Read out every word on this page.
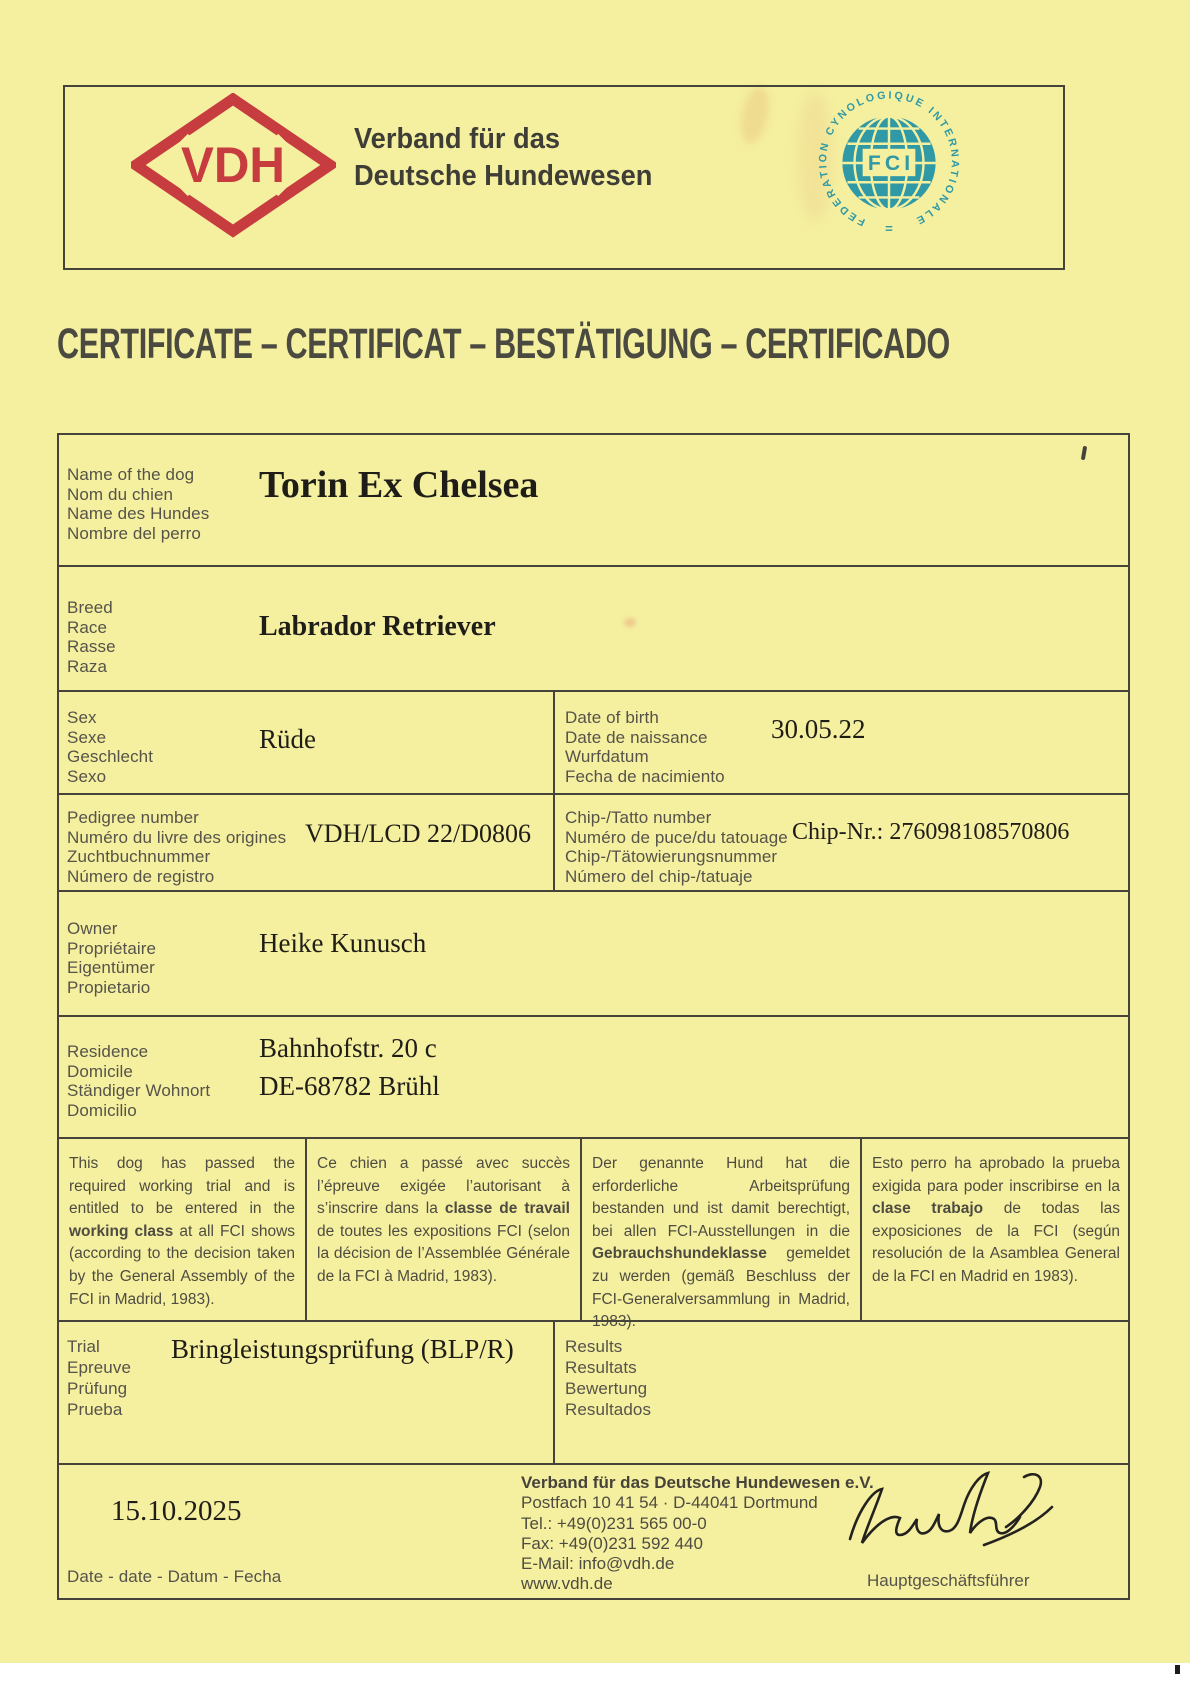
VDH Verband für das
Deutsche Hundewesen
FEDERATION CYNOLOGIQUE INTERNATIONALE
FCI
=
CERTIFICATE – CERTIFICAT – BESTÄTIGUNG – CERTIFICADO
Name of the dog
Nom du chien
Name des Hundes
Nombre del perro
Torin Ex Chelsea
Breed
Race
Rasse
Raza
Labrador Retriever
Sex
Sexe
Geschlecht
Sexo
Rüde
Date of birth
Date de naissance
Wurfdatum
Fecha de nacimiento
30.05.22
Pedigree number
Numéro du livre des origines
Zuchtbuchnummer
Número de registro
VDH/LCD 22/D0806
Chip-/Tatto number
Numéro de puce/du tatouage
Chip-/Tätowierungsnummer
Número del chip-/tatuaje
Chip-Nr.: 276098108570806
Owner
Propriétaire
Eigentümer
Propietario
Heike Kunusch
Residence
Domicile
Ständiger Wohnort
Domicilio
Bahnhofstr. 20 c
DE-68782 Brühl
This dog has passed the required working trial and is entitled to be entered in the working class at all FCI shows (according to the decision taken by the General Assembly of the FCI in Madrid, 1983).
Ce chien a passé avec succès l’épreuve exigée l’autorisant à s’inscrire dans la classe de travail de toutes les expositions FCI (selon la décision de l’Assemblée Générale de la FCI à Madrid, 1983).
Der genannte Hund hat die erforderliche Arbeitsprüfung bestanden und ist damit berechtigt, bei allen FCI-Ausstellungen in die Gebrauchshundeklasse gemeldet zu werden (gemäß Beschluss der FCI-Generalversammlung in Madrid, 1983).
Esto perro ha aprobado la prueba exigida para poder inscribirse en la clase trabajo de todas las exposiciones de la FCI (según resolución de la Asamblea General de la FCI en Madrid en 1983).
Trial
Epreuve
Prüfung
Prueba
Bringleistungsprüfung (BLP/R)	Results
Resultats
Bewertung
Resultados
15.10.2025
Date - date - Datum - Fecha
Verband für das Deutsche Hundewesen e.V.
Postfach 10 41 54 · D-44041 Dortmund
Tel.: +49(0)231 565 00-0
Fax: +49(0)231 592 440
E-Mail: info@vdh.de
www.vdh.de	Hauptgeschäftsführer
